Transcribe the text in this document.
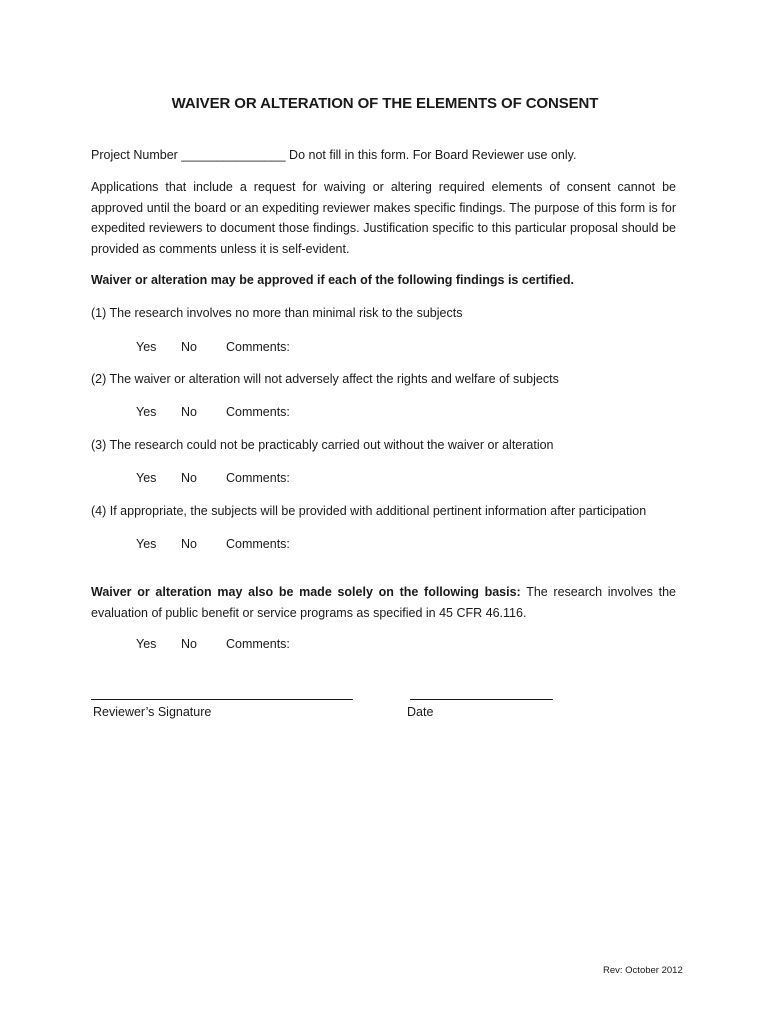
WAIVER OR ALTERATION OF THE ELEMENTS OF CONSENT
Project Number _______________ Do not fill in this form. For Board Reviewer use only.
Applications that include a request for waiving or altering required elements of consent cannot be approved until the board or an expediting reviewer makes specific findings. The purpose of this form is for expedited reviewers to document those findings. Justification specific to this particular proposal should be provided as comments unless it is self-evident.
Waiver or alteration may be approved if each of the following findings is certified.
(1) The research involves no more than minimal risk to the subjects
Yes No Comments:
(2) The waiver or alteration will not adversely affect the rights and welfare of subjects
Yes No Comments:
(3) The research could not be practicably carried out without the waiver or alteration
Yes No Comments:
(4) If appropriate, the subjects will be provided with additional pertinent information after participation
Yes No Comments:
Waiver or alteration may also be made solely on the following basis: The research involves the evaluation of public benefit or service programs as specified in 45 CFR 46.116.
Yes No Comments:
Reviewer’s Signature	Date
Rev: October 2012
